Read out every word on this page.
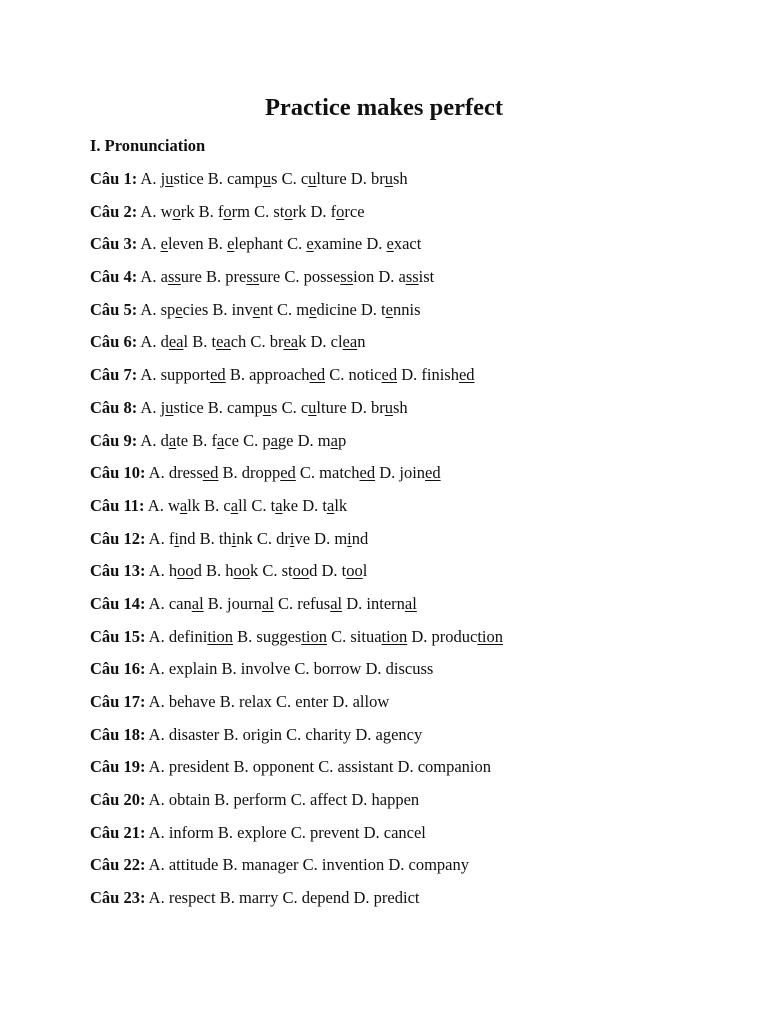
Practice makes perfect
I. Pronunciation
Câu 1: A. justice B. campus C. culture D. brush
Câu 2: A. work B. form C. stork D. force
Câu 3: A. eleven B. elephant C. examine D. exact
Câu 4: A. assure B. pressure C. possession D. assist
Câu 5: A. species B. invent C. medicine D. tennis
Câu 6: A. deal B. teach C. break D. clean
Câu 7: A. supported B. approached C. noticed D. finished
Câu 8: A. justice B. campus C. culture D. brush
Câu 9: A. date B. face C. page D. map
Câu 10: A. dressed B. dropped C. matched D. joined
Câu 11: A. walk B. call C. take D. talk
Câu 12: A. find B. think C. drive D. mind
Câu 13: A. hood B. hook C. stood D. tool
Câu 14: A. canal B. journal C. refusal D. internal
Câu 15: A. definition B. suggestion C. situation D. production
Câu 16: A. explain B. involve C. borrow D. discuss
Câu 17: A. behave B. relax C. enter D. allow
Câu 18: A. disaster B. origin C. charity D. agency
Câu 19: A. president B. opponent C. assistant D. companion
Câu 20: A. obtain B. perform C. affect D. happen
Câu 21: A. inform B. explore C. prevent D. cancel
Câu 22: A. attitude B. manager C. invention D. company
Câu 23: A. respect B. marry C. depend D. predict
